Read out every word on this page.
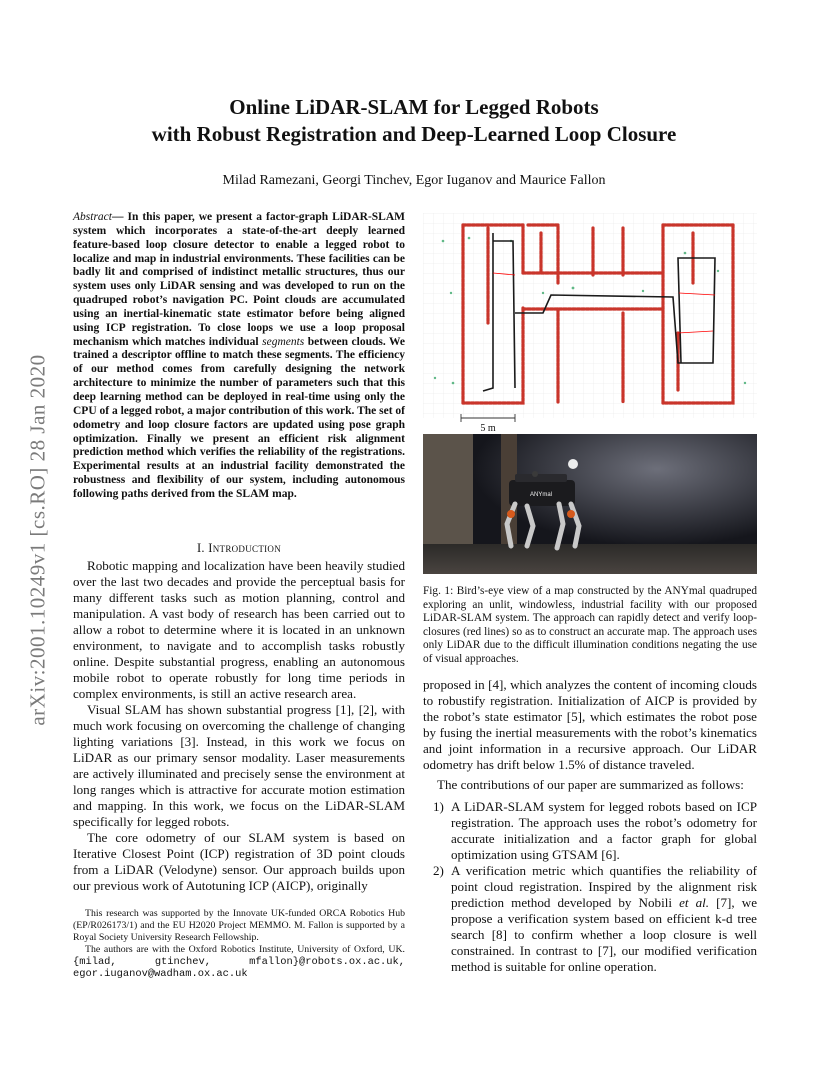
arXiv:2001.10249v1 [cs.RO] 28 Jan 2020
Online LiDAR-SLAM for Legged Robots
with Robust Registration and Deep-Learned Loop Closure
Milad Ramezani, Georgi Tinchev, Egor Iuganov and Maurice Fallon
Abstract— In this paper, we present a factor-graph LiDAR-SLAM system which incorporates a state-of-the-art deeply learned feature-based loop closure detector to enable a legged robot to localize and map in industrial environments. These facilities can be badly lit and comprised of indistinct metallic structures, thus our system uses only LiDAR sensing and was developed to run on the quadruped robot’s navigation PC. Point clouds are accumulated using an inertial-kinematic state estimator before being aligned using ICP registration. To close loops we use a loop proposal mechanism which matches individual segments between clouds. We trained a descriptor offline to match these segments. The efficiency of our method comes from carefully designing the network architecture to minimize the number of parameters such that this deep learning method can be deployed in real-time using only the CPU of a legged robot, a major contribution of this work. The set of odometry and loop closure factors are updated using pose graph optimization. Finally we present an efficient risk alignment prediction method which verifies the reliability of the registrations. Experimental results at an industrial facility demonstrated the robustness and flexibility of our system, including autonomous following paths derived from the SLAM map.
I. Introduction

Robotic mapping and localization have been heavily studied over the last two decades and provide the perceptual basis for many different tasks such as motion planning, control and manipulation. A vast body of research has been carried out to allow a robot to determine where it is located in an unknown environment, to navigate and to accomplish tasks robustly online. Despite substantial progress, enabling an autonomous mobile robot to operate robustly for long time periods in complex environments, is still an active research area.

Visual SLAM has shown substantial progress [1], [2], with much work focusing on overcoming the challenge of changing lighting variations [3]. Instead, in this work we focus on LiDAR as our primary sensor modality. Laser measurements are actively illuminated and precisely sense the environment at long ranges which is attractive for accurate motion estimation and mapping. In this work, we focus on the LiDAR-SLAM specifically for legged robots.

The core odometry of our SLAM system is based on Iterative Closest Point (ICP) registration of 3D point clouds from a LiDAR (Velodyne) sensor. Our approach builds upon our previous work of Autotuning ICP (AICP), originally

This research was supported by the Innovate UK-funded ORCA Robotics Hub (EP/R026173/1) and the EU H2020 Project MEMMO. M. Fallon is supported by a Royal Society University Research Fellowship.
The authors are with the Oxford Robotics Institute, University of Oxford, UK. {milad, gtinchev, mfallon}@robots.ox.ac.uk, egor.iuganov@wadham.ox.ac.uk
5 m
ANYmal
Fig. 1: Bird’s-eye view of a map constructed by the ANYmal quadruped exploring an unlit, windowless, industrial facility with our proposed LiDAR-SLAM system. The approach can rapidly detect and verify loop-closures (red lines) so as to construct an accurate map. The approach uses only LiDAR due to the difficult illumination conditions negating the use of visual approaches.

proposed in [4], which analyzes the content of incoming clouds to robustify registration. Initialization of AICP is provided by the robot’s state estimator [5], which estimates the robot pose by fusing the inertial measurements with the robot’s kinematics and joint information in a recursive approach. Our LiDAR odometry has drift below 1.5% of distance traveled.

The contributions of our paper are summarized as follows:

1) A LiDAR-SLAM system for legged robots based on ICP registration. The approach uses the robot’s odometry for accurate initialization and a factor graph for global optimization using GTSAM [6].
2) A verification metric which quantifies the reliability of point cloud registration. Inspired by the alignment risk prediction method developed by Nobili et al. [7], we propose a verification system based on efficient k-d tree search [8] to confirm whether a loop closure is well constrained. In contrast to [7], our modified verification method is suitable for online operation.
